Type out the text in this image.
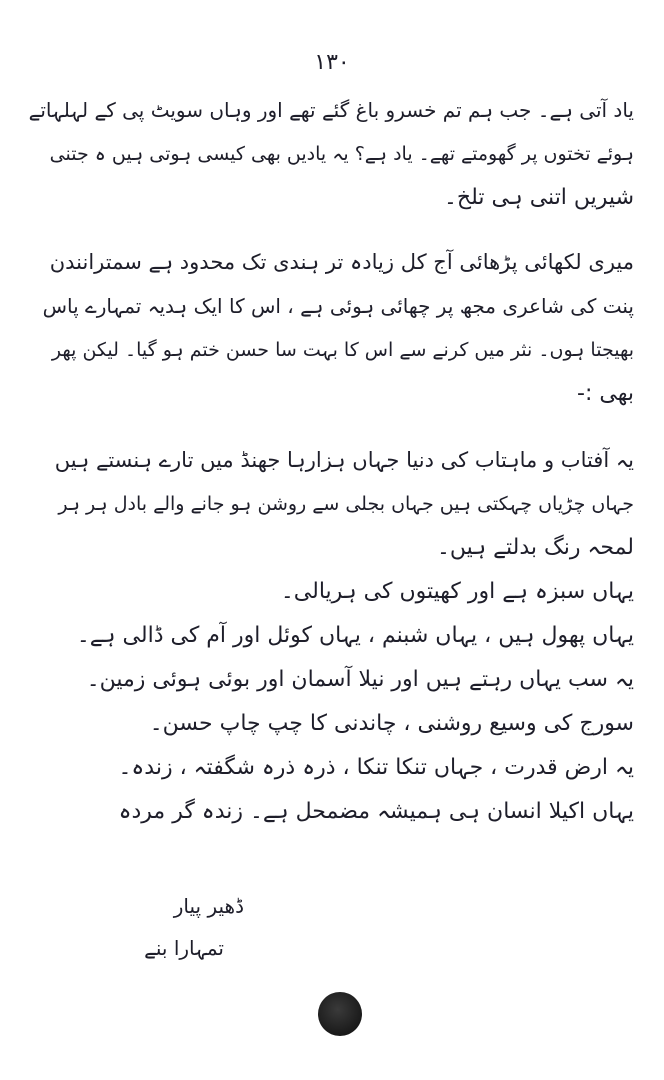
۱۳۰
یاد آتی ہے۔ جب ہم تم خسرو باغ گئے تھے اور وہاں سویٹ پی کے لہلہاتے
ہوئے تختوں پر گھومتے تھے۔ یاد ہے؟ یہ یادیں بھی کیسی ہوتی ہیں ہ جتنی
شیریں اتنی ہی تلخ۔
میری لکھائی پڑھائی آج کل زیادہ تر ہندی تک محدود ہے سمترانندن
پنت کی شاعری مجھ پر چھائی ہوئی ہے ، اس کا ایک ہدیہ تمہارے پاس
بھیجتا ہوں۔ نثر میں کرنے سے اس کا بہت سا حسن ختم ہو گیا۔ لیکن پھر
بھی :-
یہ آفتاب و ماہتاب کی دنیا جہاں ہزارہا جھنڈ میں تارے ہنستے ہیں
جہاں چڑیاں چہکتی ہیں جہاں بجلی سے روشن ہو جانے والے بادل ہر ہر
لمحہ رنگ بدلتے ہیں۔
یہاں سبزہ ہے اور کھیتوں کی ہریالی۔
یہاں پھول ہیں ، یہاں شبنم ، یہاں کوئل اور آم کی ڈالی ہے۔
یہ سب یہاں رہتے ہیں اور نیلا آسمان اور بوئی ہوئی زمین۔
سورج کی وسیع روشنی ، چاندنی کا چپ چاپ حسن۔
یہ ارض قدرت ، جہاں تنکا تنکا ، ذرہ ذرہ شگفتہ ، زندہ۔
یہاں اکیلا انسان ہی ہمیشہ مضمحل ہے۔ زندہ گر مردہ
ڈھیر پیار
تمہارا بنے
